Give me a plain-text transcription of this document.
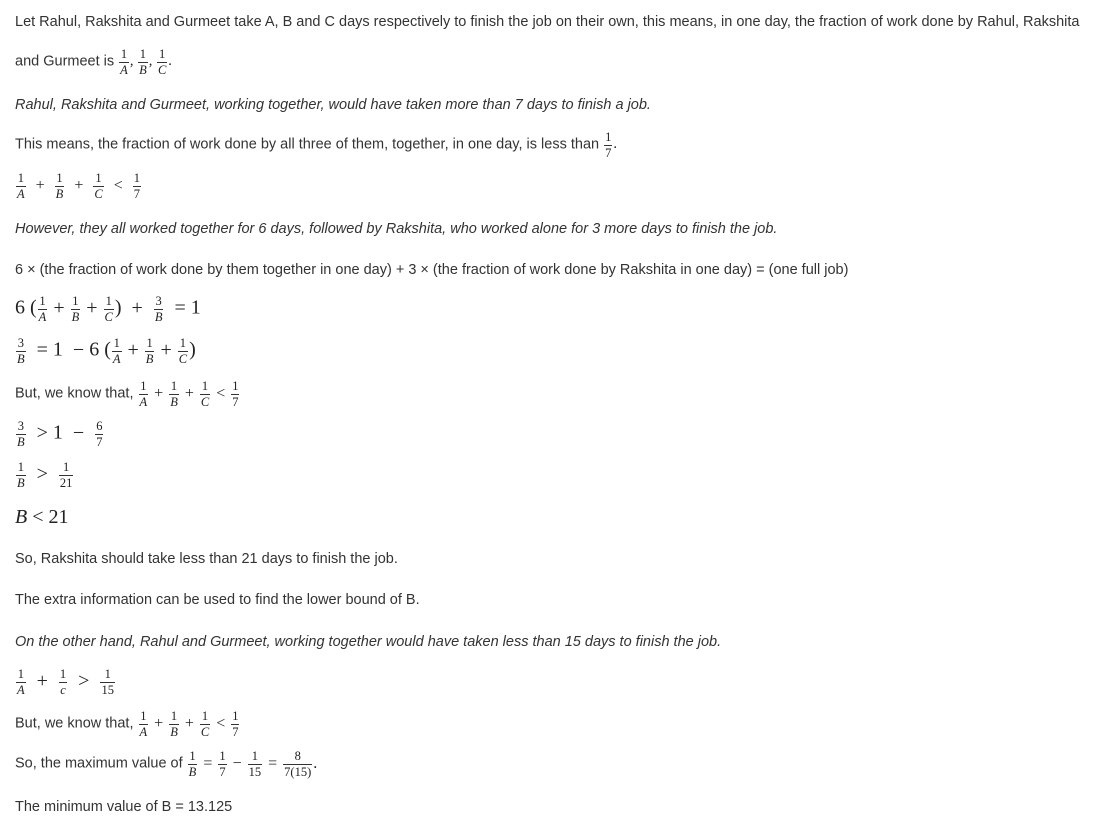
Let Rahul, Rakshita and Gurmeet take A, B and C days respectively to finish the job on their own, this means, in one day, the fraction of work done by Rahul, Rakshita
and Gurmeet is $\frac{1}{A}$ , $\frac{1}{B}$ , $\frac{1}{C}$ .
Rahul, Rakshita and Gurmeet, working together, would have taken more than 7 days to finish a job.
This means, the fraction of work done by all three of them, together, in one day, is less than $\frac{1}{7}$ .
$\frac{1}{A} + \frac{1}{B} + \frac{1}{C} < \frac{1}{7}$
However, they all worked together for 6 days, followed by Rakshita, who worked alone for 3 more days to finish the job.
6 × (the fraction of work done by them together in one day) + 3 × (the fraction of work done by Rakshita in one day) = (one full job)
6 ( $\frac{1}{A} + \frac{1}{B} + \frac{1}{C}$ ) + $\frac{3}{B} = 1$
$\frac{3}{B} = 1 - 6$ ( $\frac{1}{A} + \frac{1}{B} + \frac{1}{C}$ )
But, we know that, $\frac{1}{A} + \frac{1}{B} + \frac{1}{C} < \frac{1}{7}$
$\frac{3}{B} > 1 - \frac{6}{7}$
$\frac{1}{B} > \frac{1}{21}$
B < 21
So, Rakshita should take less than 21 days to finish the job.
The extra information can be used to find the lower bound of B.
On the other hand, Rahul and Gurmeet, working together would have taken less than 15 days to finish the job.
$\frac{1}{A} + \frac{1}{c} > \frac{1}{15}$
But, we know that, $\frac{1}{A} + \frac{1}{B} + \frac{1}{C} < \frac{1}{7}$
So, the maximum value of $\frac{1}{B} = \frac{1}{7} - \frac{1}{15} = \frac{8}{7(15)}$ .
The minimum value of B = 13.125
